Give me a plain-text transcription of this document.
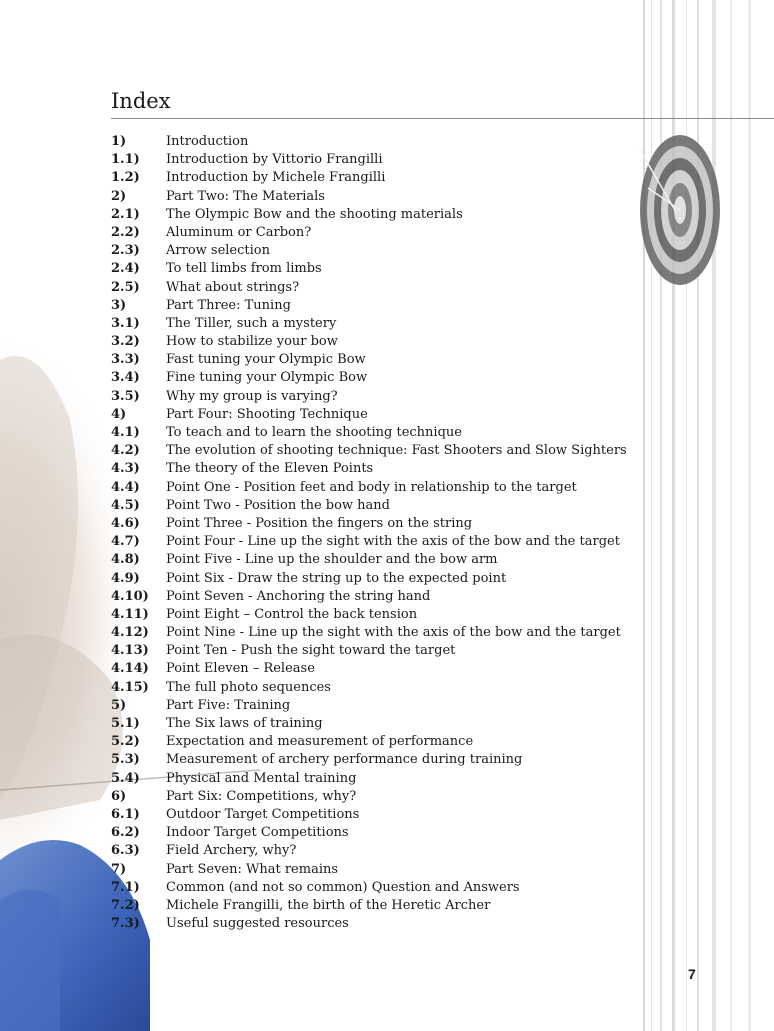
Index
1)	Introduction
1.1) Introduction by Vittorio Frangilli
1.2) Introduction by Michele Frangilli
2)	Part Two: The Materials
2.1) The Olympic Bow and the shooting materials
2.2) Aluminum or Carbon?
2.3) Arrow selection
2.4) To tell limbs from limbs
2.5) What about strings?
3)	Part Three: Tuning
3.1) The Tiller, such a mystery
3.2) How to stabilize your bow
3.3) Fast tuning your Olympic Bow
3.4) Fine tuning your Olympic Bow
3.5) Why my group is varying?
4)	Part Four: Shooting Technique
4.1) To teach and to learn the shooting technique
4.2) The evolution of shooting technique: Fast Shooters and Slow Sighters
4.3) The theory of the Eleven Points
4.4) Point One - Position feet and body in relationship to the target
4.5) Point Two - Position the bow hand
4.6) Point Three - Position the fingers on the string
4.7) Point Four - Line up the sight with the axis of the bow and the target
4.8) Point Five - Line up the shoulder and the bow arm
4.9) Point Six - Draw the string up to the expected point
4.10) Point Seven - Anchoring the string hand
4.11) Point Eight – Control the back tension
4.12) Point Nine - Line up the sight with the axis of the bow and the target
4.13) Point Ten - Push the sight toward the target
4.14) Point Eleven – Release
4.15) The full photo sequences
5)	Part Five: Training
5.1) The Six laws of training
5.2) Expectation and measurement of performance
5.3) Measurement of archery performance during training
5.4) Physical and Mental training
6)	Part Six: Competitions, why?
6.1) Outdoor Target Competitions
6.2) Indoor Target Competitions
6.3) Field Archery, why?
7)	Part Seven: What remains
7.1) Common (and not so common) Question and Answers
7.2) Michele Frangilli, the birth of the Heretic Archer
7.3) Useful suggested resources
7
